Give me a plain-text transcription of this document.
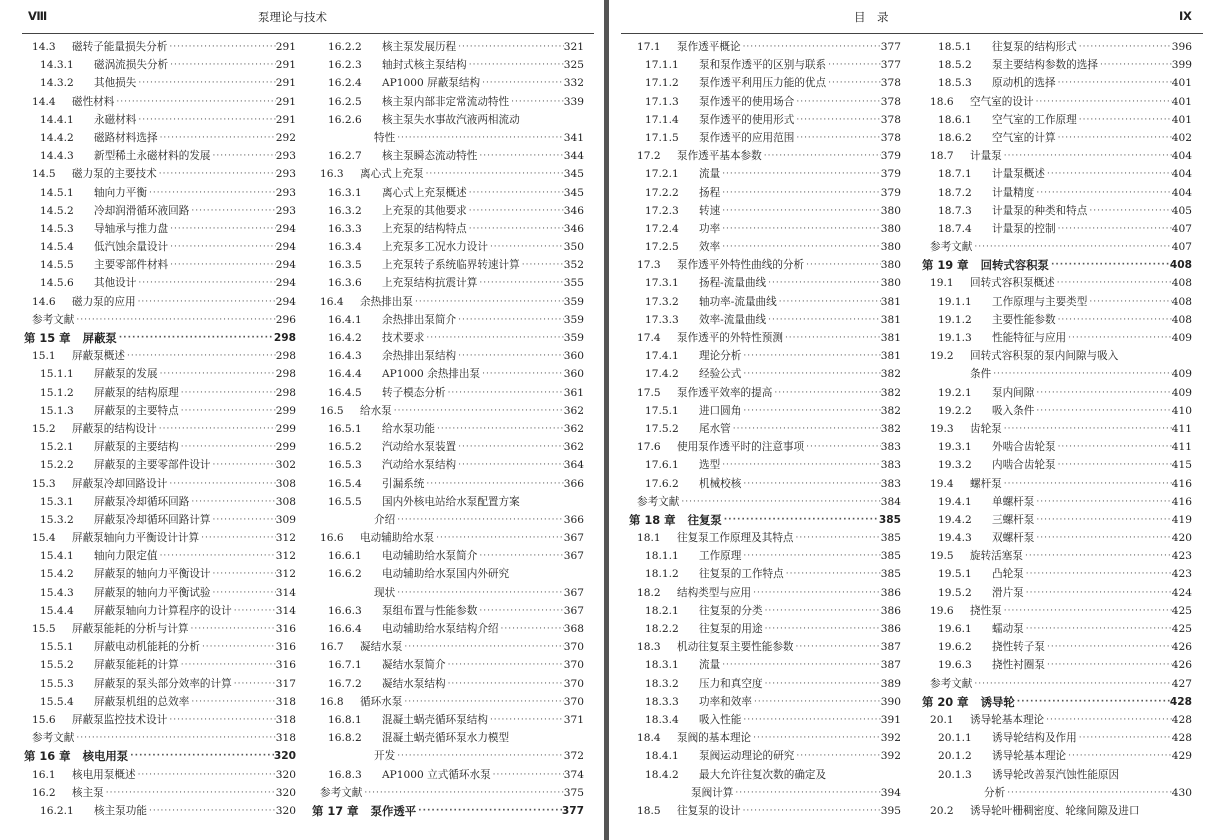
Ⅷ	泵理论与技术
14.3	磁转子能量损失分析 ·····	291
14.3.1	磁涡流损失分析 ·····	291
14.3.2	其他损失 ·····	291
14.4	磁性材料 ·····	291
14.4.1	永磁材料 ·····	291
14.4.2	磁路材料选择 ·····	292
14.4.3	新型稀土永磁材料的发展 ·····	293
14.5	磁力泵的主要技术 ·····	293
14.5.1	轴向力平衡 ·····	293
14.5.2	冷却润滑循环液回路 ·····	293
14.5.3	导轴承与推力盘 ·····	294
14.5.4	低汽蚀余量设计 ·····	294
14.5.5	主要零部件材料 ·····	294
14.5.6	其他设计 ·····	294
14.6	磁力泵的应用 ·····	294
参考文献 ·····	296
第 15 章	屏蔽泵 ·····	298
15.1	屏蔽泵概述 ·····	298
15.1.1	屏蔽泵的发展 ·····	298
15.1.2	屏蔽泵的结构原理 ·····	298
15.1.3	屏蔽泵的主要特点 ·····	299
15.2	屏蔽泵的结构设计 ·····	299
15.2.1	屏蔽泵的主要结构 ·····	299
15.2.2	屏蔽泵的主要零部件设计 ·····	302
15.3	屏蔽泵冷却回路设计 ·····	308
15.3.1	屏蔽泵冷却循环回路 ·····	308
15.3.2	屏蔽泵冷却循环回路计算 ·····	309
15.4	屏蔽泵轴向力平衡设计计算 ·····	312
15.4.1	轴向力限定值 ·····	312
15.4.2	屏蔽泵的轴向力平衡设计 ·····	312
15.4.3	屏蔽泵的轴向力平衡试验 ·····	314
15.4.4	屏蔽泵轴向力计算程序的设计 ·····	314
15.5	屏蔽泵能耗的分析与计算 ·····	316
15.5.1	屏蔽电动机能耗的分析 ·····	316
15.5.2	屏蔽泵能耗的计算 ·····	316
15.5.3	屏蔽泵的泵头部分效率的计算 ·····	317
15.5.4	屏蔽泵机组的总效率 ·····	318
15.6	屏蔽泵监控技术设计 ·····	318
参考文献 ·····	318
第 16 章	核电用泵 ·····	320
16.1	核电用泵概述 ·····	320
16.2	核主泵 ·····	320
16.2.1	核主泵功能 ·····	320
16.2.2	核主泵发展历程 ·····	321
16.2.3	轴封式核主泵结构 ·····	325
16.2.4	AP1000 屏蔽泵结构 ·····	332
16.2.5	核主泵内部非定常流动特性 ·····	339
16.2.6	核主泵失水事故汽液两相流动
特性 ·····	341
16.2.7	核主泵瞬态流动特性 ·····	344
16.3	离心式上充泵 ·····	345
16.3.1	离心式上充泵概述 ·····	345
16.3.2	上充泵的其他要求 ·····	346
16.3.3	上充泵的结构特点 ·····	346
16.3.4	上充泵多工况水力设计 ·····	350
16.3.5	上充泵转子系统临界转速计算 ·····	352
16.3.6	上充泵结构抗震计算 ·····	355
16.4	余热排出泵 ·····	359
16.4.1	余热排出泵简介 ·····	359
16.4.2	技术要求 ·····	359
16.4.3	余热排出泵结构 ·····	360
16.4.4	AP1000 余热排出泵 ·····	360
16.4.5	转子模态分析 ·····	361
16.5	给水泵 ·····	362
16.5.1	给水泵功能 ·····	362
16.5.2	汽动给水泵装置 ·····	362
16.5.3	汽动给水泵结构 ·····	364
16.5.4	引漏系统 ·····	366
16.5.5	国内外核电站给水泵配置方案
介绍 ·····	366
16.6	电动辅助给水泵 ·····	367
16.6.1	电动辅助给水泵简介 ·····	367
16.6.2	电动辅助给水泵国内外研究
现状 ·····	367
16.6.3	泵组布置与性能参数 ·····	367
16.6.4	电动辅助给水泵结构介绍 ·····	368
16.7	凝结水泵 ·····	370
16.7.1	凝结水泵简介 ·····	370
16.7.2	凝结水泵结构 ·····	370
16.8	循环水泵 ·····	370
16.8.1	混凝土蜗壳循环泵结构 ·····	371
16.8.2	混凝土蜗壳循环泵水力模型
开发 ·····	372
16.8.3	AP1000 立式循环水泵 ·····	374
参考文献 ·····	375
第 17 章	泵作透平 ·····	377
目　录	Ⅸ
17.1	泵作透平概论 ·····	377
17.1.1	泵和泵作透平的区别与联系 ·····	377
17.1.2	泵作透平利用压力能的优点 ·····	378
17.1.3	泵作透平的使用场合 ·····	378
17.1.4	泵作透平的使用形式 ·····	378
17.1.5	泵作透平的应用范围 ·····	378
17.2	泵作透平基本参数 ·····	379
17.2.1	流量 ·····	379
17.2.2	扬程 ·····	379
17.2.3	转速 ·····	380
17.2.4	功率 ·····	380
17.2.5	效率 ·····	380
17.3	泵作透平外特性曲线的分析 ·····	380
17.3.1	扬程-流量曲线 ·····	380
17.3.2	轴功率-流量曲线 ·····	381
17.3.3	效率-流量曲线 ·····	381
17.4	泵作透平的外特性预测 ·····	381
17.4.1	理论分析 ·····	381
17.4.2	经验公式 ·····	382
17.5	泵作透平效率的提高 ·····	382
17.5.1	进口圆角 ·····	382
17.5.2	尾水管 ·····	382
17.6	使用泵作透平时的注意事项 ·····	383
17.6.1	选型 ·····	383
17.6.2	机械校核 ·····	383
参考文献 ·····	384
第 18 章	往复泵 ·····	385
18.1	往复泵工作原理及其特点 ·····	385
18.1.1	工作原理 ·····	385
18.1.2	往复泵的工作特点 ·····	385
18.2	结构类型与应用 ·····	386
18.2.1	往复泵的分类 ·····	386
18.2.2	往复泵的用途 ·····	386
18.3	机动往复泵主要性能参数 ·····	387
18.3.1	流量 ·····	387
18.3.2	压力和真空度 ·····	389
18.3.3	功率和效率 ·····	390
18.3.4	吸入性能 ·····	391
18.4	泵阀的基本理论 ·····	392
18.4.1	泵阀运动理论的研究 ·····	392
18.4.2	最大允许往复次数的确定及
泵阀计算 ·····	394
18.5	往复泵的设计 ·····	395
18.5.1	往复泵的结构形式 ·····	396
18.5.2	泵主要结构参数的选择 ·····	399
18.5.3	原动机的选择 ·····	401
18.6	空气室的设计 ·····	401
18.6.1	空气室的工作原理 ·····	401
18.6.2	空气室的计算 ·····	402
18.7	计量泵 ·····	404
18.7.1	计量泵概述 ·····	404
18.7.2	计量精度 ·····	404
18.7.3	计量泵的种类和特点 ·····	405
18.7.4	计量泵的控制 ·····	407
参考文献 ·····	407
第 19 章	回转式容积泵 ·····	408
19.1	回转式容积泵概述 ·····	408
19.1.1	工作原理与主要类型 ·····	408
19.1.2	主要性能参数 ·····	408
19.1.3	性能特征与应用 ·····	409
19.2	回转式容积泵的泵内间隙与吸入
条件 ·····	409
19.2.1	泵内间隙 ·····	409
19.2.2	吸入条件 ·····	410
19.3	齿轮泵 ·····	411
19.3.1	外啮合齿轮泵 ·····	411
19.3.2	内啮合齿轮泵 ·····	415
19.4	螺杆泵 ·····	416
19.4.1	单螺杆泵 ·····	416
19.4.2	三螺杆泵 ·····	419
19.4.3	双螺杆泵 ·····	420
19.5	旋转活塞泵 ·····	423
19.5.1	凸轮泵 ·····	423
19.5.2	滑片泵 ·····	424
19.6	挠性泵 ·····	425
19.6.1	蠕动泵 ·····	425
19.6.2	挠性转子泵 ·····	426
19.6.3	挠性衬圈泵 ·····	426
参考文献 ·····	427
第 20 章	诱导轮 ·····	428
20.1	诱导轮基本理论 ·····	428
20.1.1	诱导轮结构及作用 ·····	428
20.1.2	诱导轮基本理论 ·····	429
20.1.3	诱导轮改善泵汽蚀性能原因
分析 ·····	430
20.2	诱导轮叶栅稠密度、轮缘间隙及进口
